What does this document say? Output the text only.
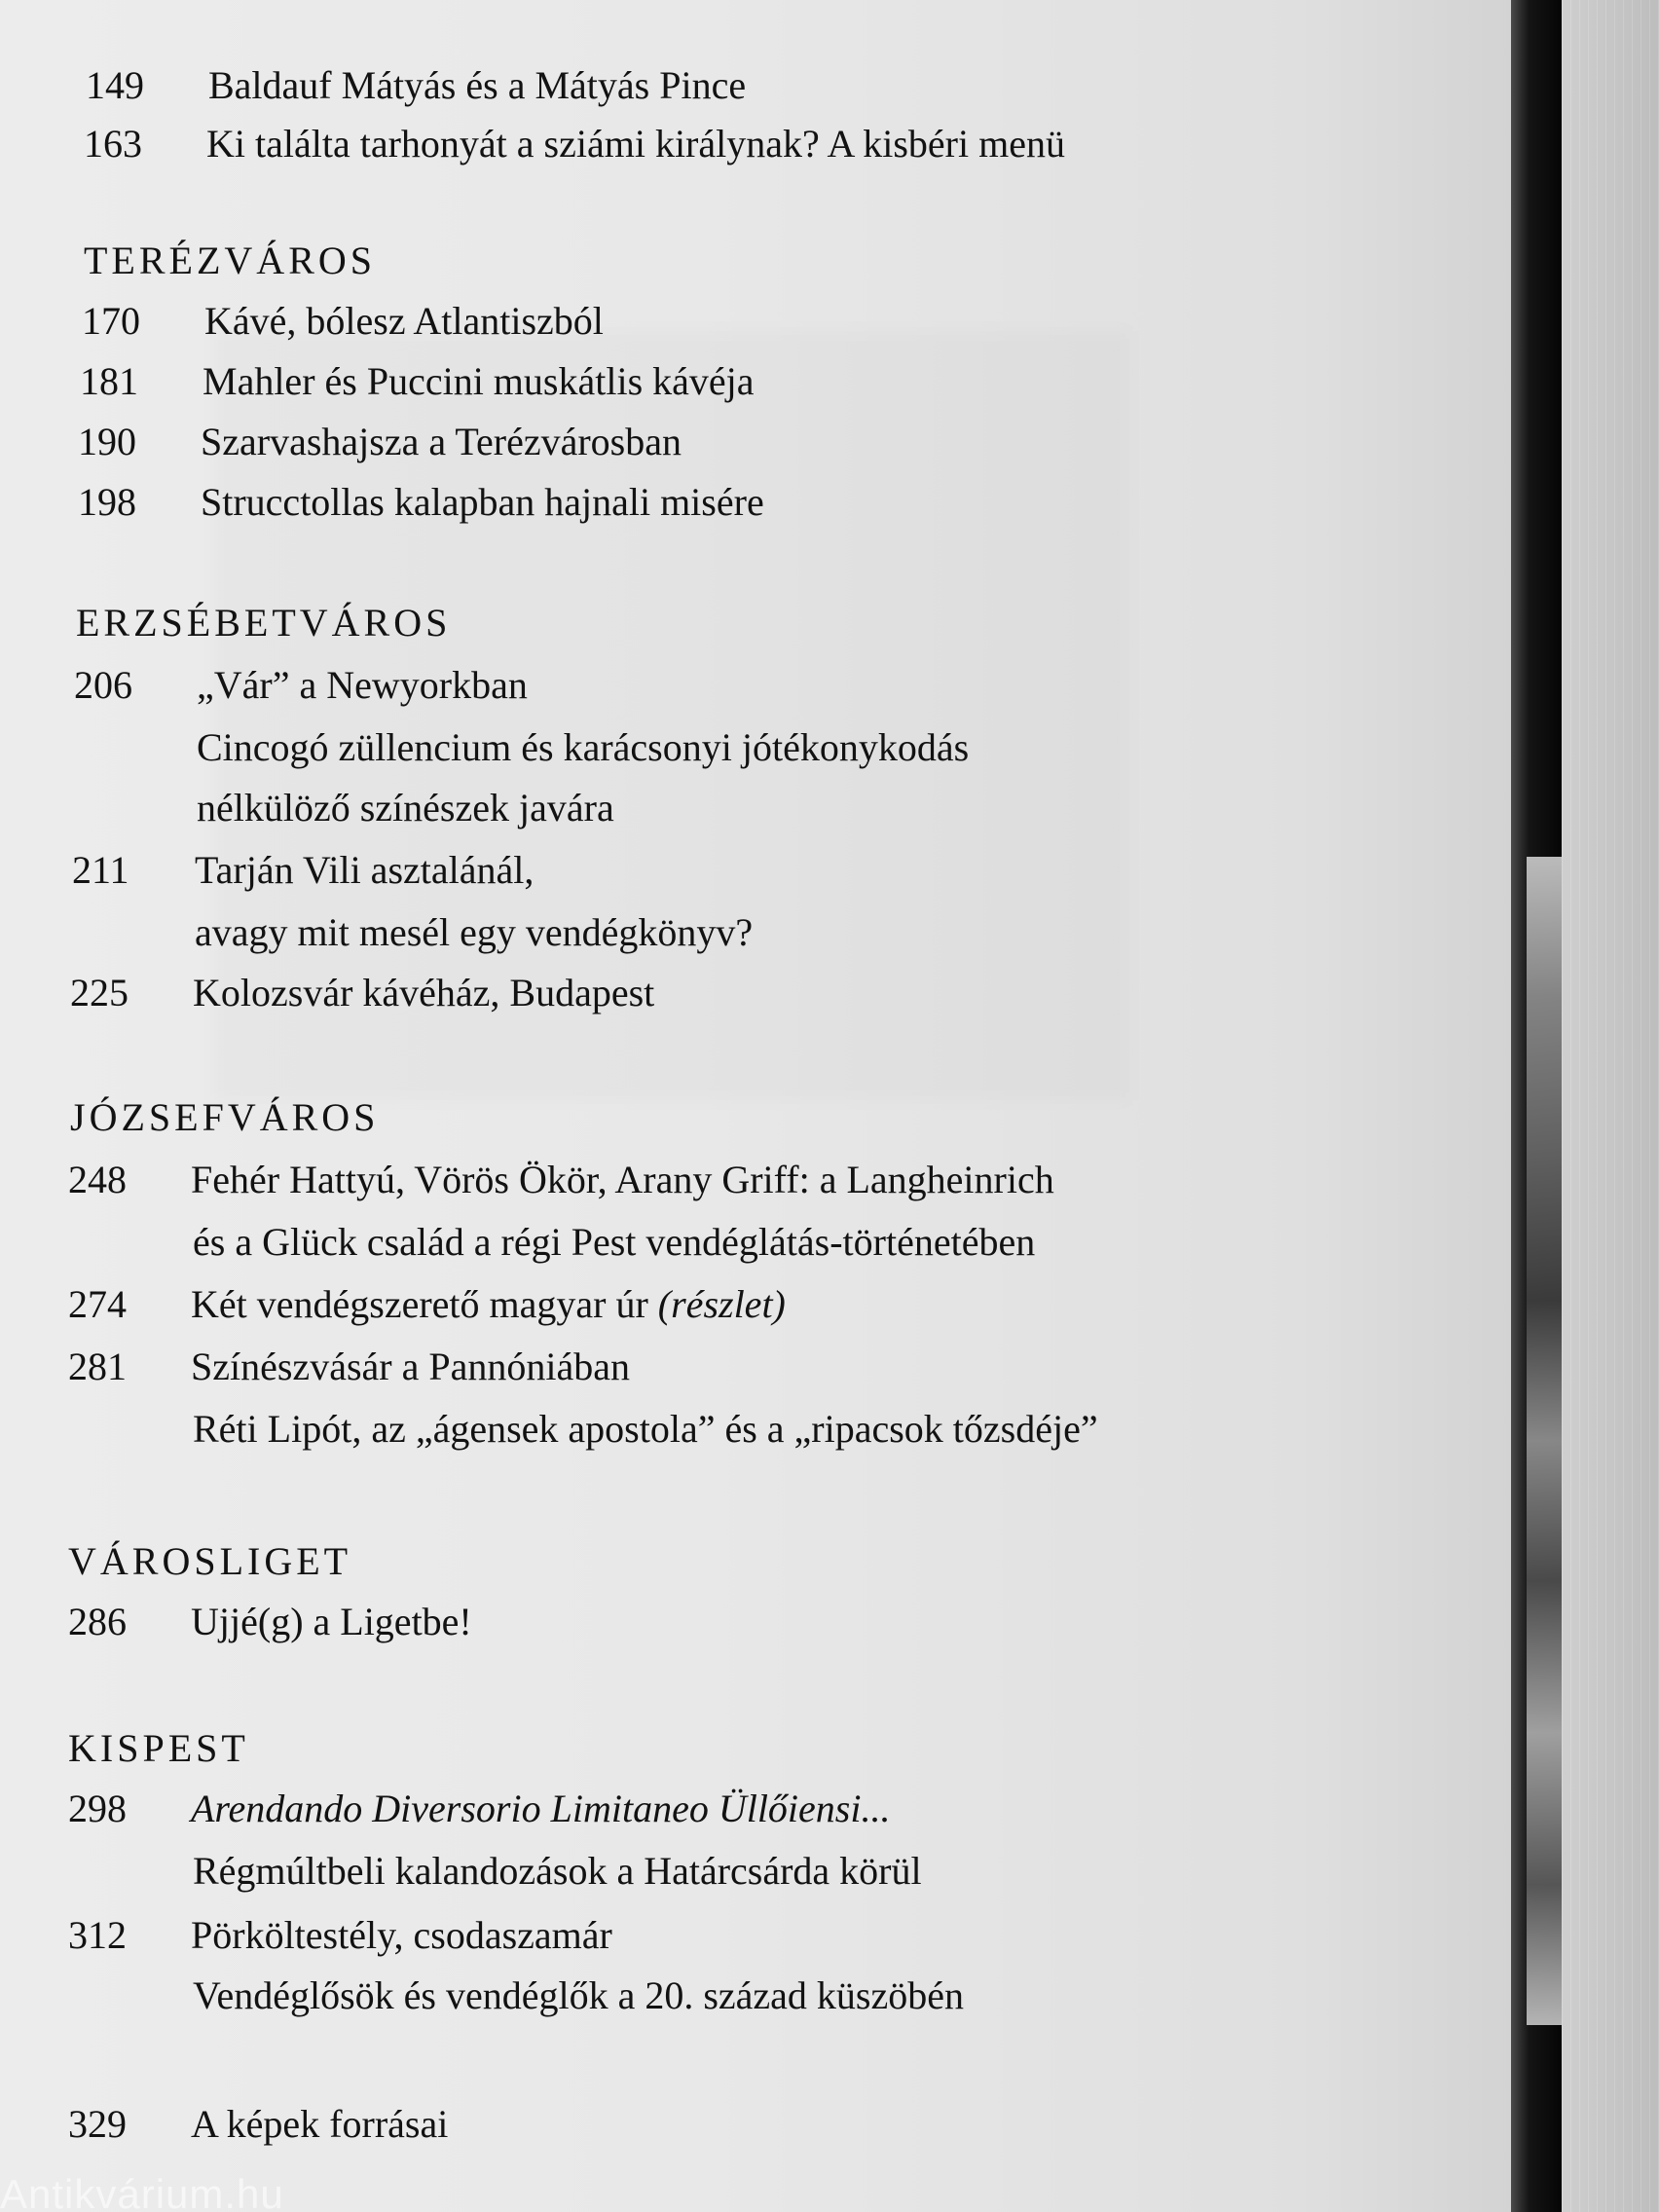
149	Baldauf Mátyás és a Mátyás Pince
163	Ki találta tarhonyát a sziámi királynak? A kisbéri menü
TERÉZVÁROS
170	Kávé, bólesz Atlantiszból
181	Mahler és Puccini muskátlis kávéja
190	Szarvashajsza a Terézvárosban
198	Strucctollas kalapban hajnali misére
ERZSÉBETVÁROS
206	„Vár” a Newyorkban
Cincogó züllencium és karácsonyi jótékonykodás
nélkülöző színészek javára
211	Tarján Vili asztalánál,
avagy mit mesél egy vendégkönyv?
225	Kolozsvár kávéház, Budapest
JÓZSEFVÁROS
248	Fehér Hattyú, Vörös Ökör, Arany Griff: a Langheinrich
és a Glück család a régi Pest vendéglátás-történetében
274	Két vendégszerető magyar úr (részlet)
281	Színészvásár a Pannóniában
Réti Lipót, az „ágensek apostola” és a „ripacsok tőzsdéje”
VÁROSLIGET
286	Ujjé(g) a Ligetbe!
KISPEST
298	Arendando Diversorio Limitaneo Üllőiensi...
Régmúltbeli kalandozások a Határcsárda körül
312	Pörköltestély, csodaszamár
Vendéglősök és vendéglők a 20. század küszöbén
329	A képek forrásai
Antikvárium.hu
